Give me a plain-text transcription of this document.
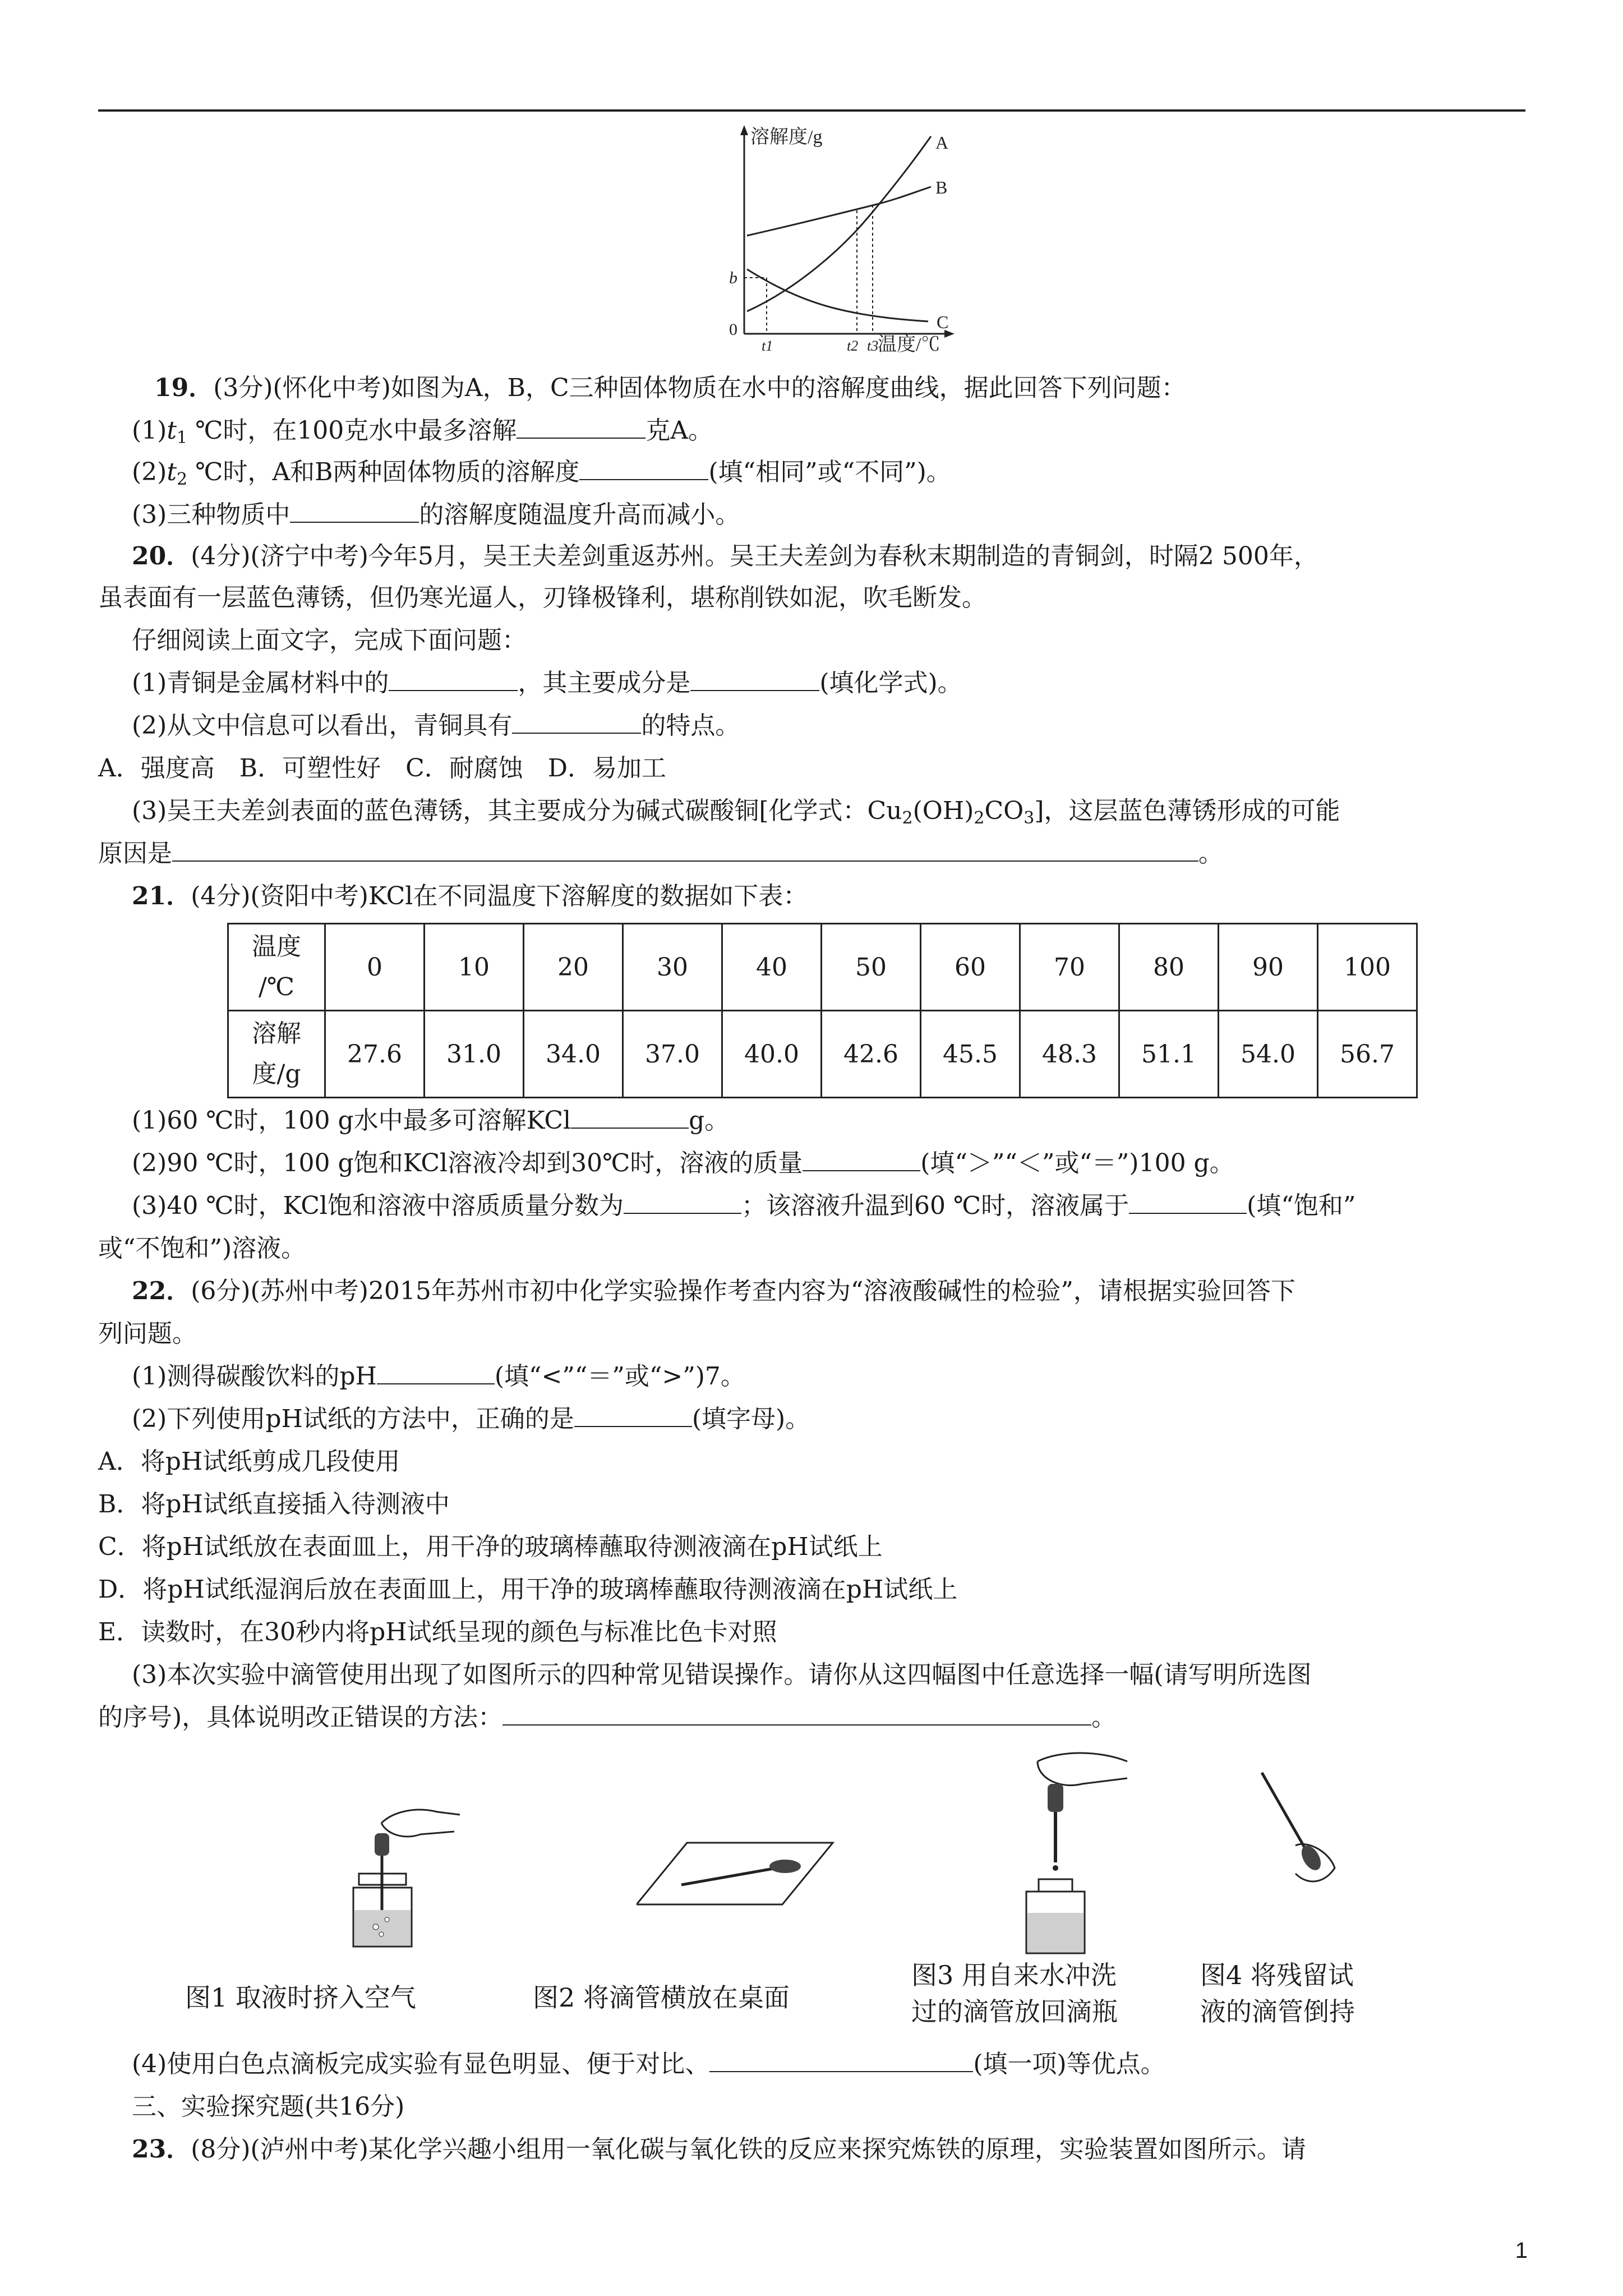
溶解度/g
温度/℃
0
b
A
B
C
t1	t2 t3
19．(3分)(怀化中考)如图为A，B，C三种固体物质在水中的溶解度曲线，据此回答下列问题：
$(1)t_1$ ℃时，在100克水中最多溶解	克A。
$(2)t_2$ ℃时，A和B两种固体物质的溶解度	(填“相同”或“不同”)。
(3)三种物质中	的溶解度随温度升高而减小。
20．(4分)(济宁中考)今年5月，吴王夫差剑重返苏州。吴王夫差剑为春秋末期制造的青铜剑，时隔2 500年，
虽表面有一层蓝色薄锈，但仍寒光逼人，刃锋极锋利，堪称削铁如泥，吹毛断发。
仔细阅读上面文字，完成下面问题：
(1)青铜是金属材料中的	，其主要成分是	(填化学式)。
(2)从文中信息可以看出，青铜具有	的特点。
A．强度高　B．可塑性好　C．耐腐蚀　D．易加工
(3)吴王夫差剑表面的蓝色薄锈，其主要成分为碱式碳酸铜[化学式：$Cu_2(OH)_2CO_3$]，这层蓝色薄锈形成的可能
原因是	。
21．(4分)(资阳中考)KCl在不同温度下溶解度的数据如下表：
温度
/℃	0	10	20	30	40	50	60	70	80	90	100

溶解
度/g	27.6	31.0	34.0	37.0	40.0	42.6	45.5	48.3	51.1	54.0	56.7
(1)60 ℃时，100 g水中最多可溶解KCl	g。
(2)90 ℃时，100 g饱和KCl溶液冷却到30℃时，溶液的质量	(填“＞”“＜”或“＝”)100 g。
(3)40 ℃时，KCl饱和溶液中溶质质量分数为	；该溶液升温到60 ℃时，溶液属于	(填“饱和”
或“不饱和”)溶液。
22．(6分)(苏州中考)2015年苏州市初中化学实验操作考查内容为“溶液酸碱性的检验”，请根据实验回答下
列问题。
(1)测得碳酸饮料的pH	(填“<”“＝”或“>”)7。
(2)下列使用pH试纸的方法中，正确的是	(填字母)。
A．将pH试纸剪成几段使用
B．将pH试纸直接插入待测液中
C．将pH试纸放在表面皿上，用干净的玻璃棒蘸取待测液滴在pH试纸上
D．将pH试纸湿润后放在表面皿上，用干净的玻璃棒蘸取待测液滴在pH试纸上
E．读数时，在30秒内将pH试纸呈现的颜色与标准比色卡对照
(3)本次实验中滴管使用出现了如图所示的四种常见错误操作。请你从这四幅图中任意选择一幅(请写明所选图
的序号)，具体说明改正错误的方法：	。
图1 取液时挤入空气	图2 将滴管横放在桌面
图3 用自来水冲洗
过的滴管放回滴瓶
图4 将残留试
液的滴管倒持
(4)使用白色点滴板完成实验有显色明显、便于对比、	(填一项)等优点。
三、实验探究题(共16分)
23．(8分)(泸州中考)某化学兴趣小组用一氧化碳与氧化铁的反应来探究炼铁的原理，实验装置如图所示。请
1
